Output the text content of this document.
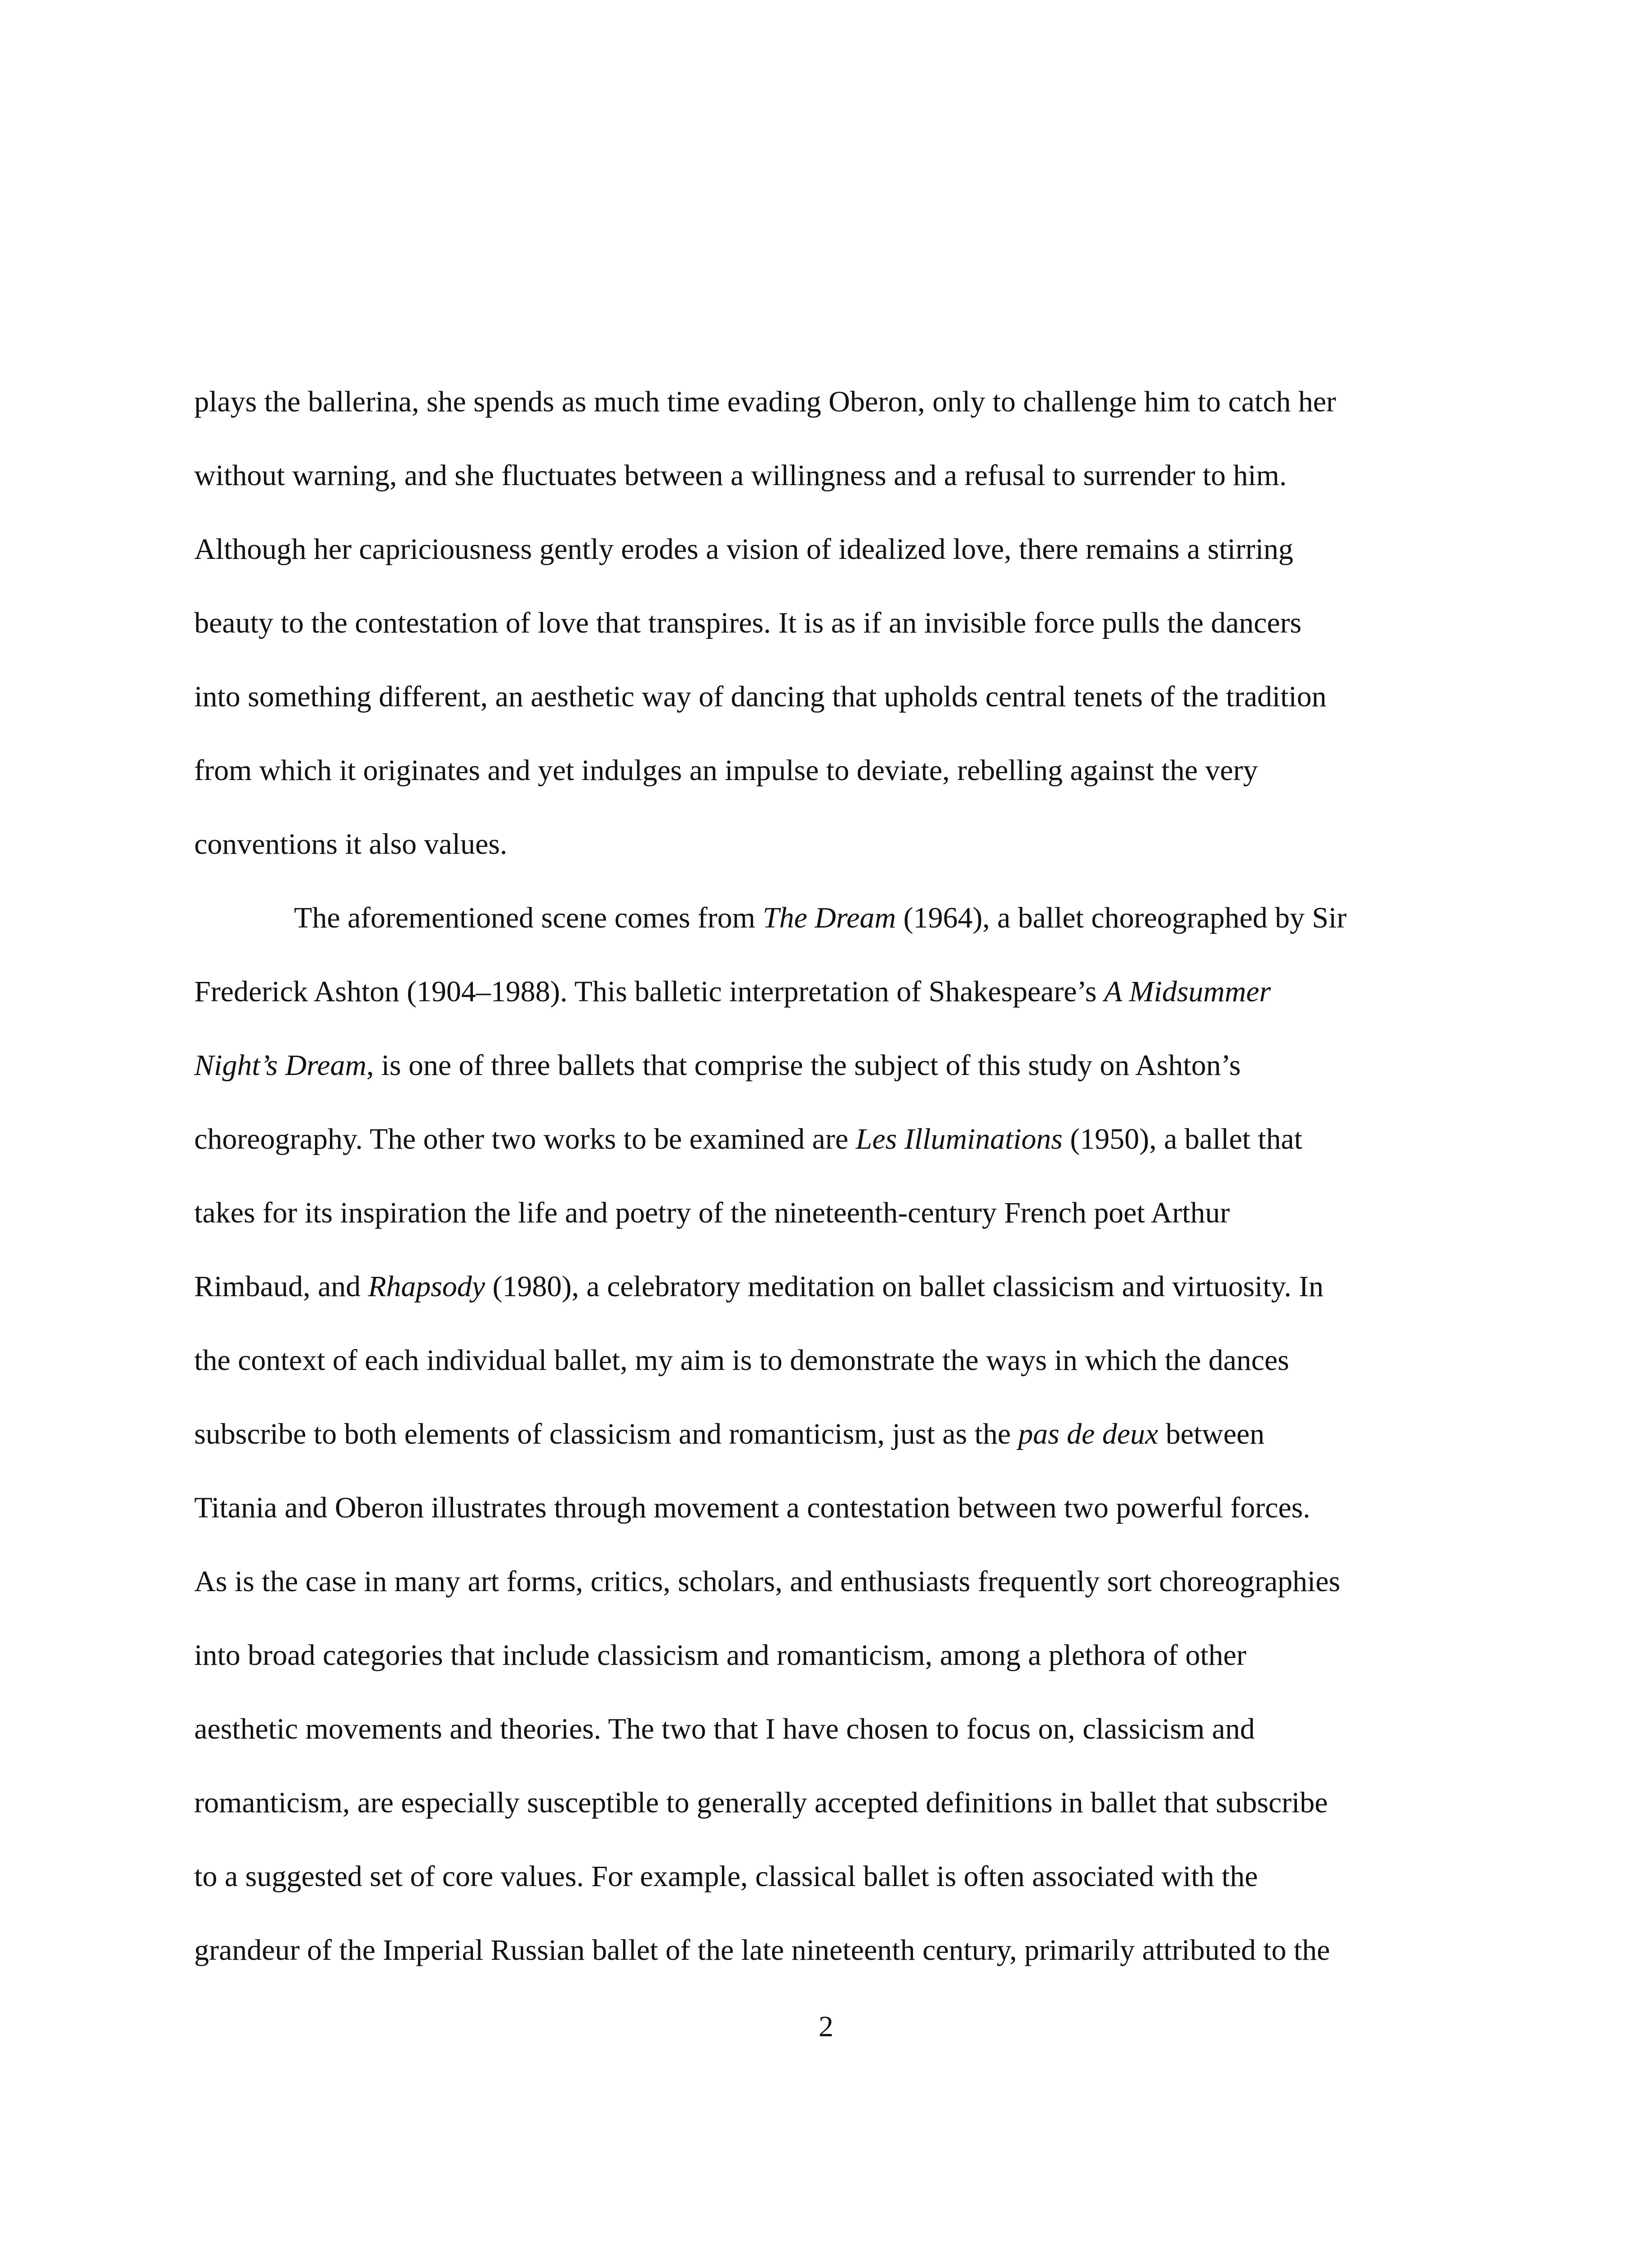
plays the ballerina, she spends as much time evading Oberon, only to challenge him to catch her
without warning, and she fluctuates between a willingness and a refusal to surrender to him.
Although her capriciousness gently erodes a vision of idealized love, there remains a stirring
beauty to the contestation of love that transpires. It is as if an invisible force pulls the dancers
into something different, an aesthetic way of dancing that upholds central tenets of the tradition
from which it originates and yet indulges an impulse to deviate, rebelling against the very
conventions it also values.
The aforementioned scene comes from The Dream (1964), a ballet choreographed by Sir
Frederick Ashton (1904–1988). This balletic interpretation of Shakespeare’s A Midsummer
Night’s Dream, is one of three ballets that comprise the subject of this study on Ashton’s
choreography. The other two works to be examined are Les Illuminations (1950), a ballet that
takes for its inspiration the life and poetry of the nineteenth-century French poet Arthur
Rimbaud, and Rhapsody (1980), a celebratory meditation on ballet classicism and virtuosity. In
the context of each individual ballet, my aim is to demonstrate the ways in which the dances
subscribe to both elements of classicism and romanticism, just as the pas de deux between
Titania and Oberon illustrates through movement a contestation between two powerful forces.
As is the case in many art forms, critics, scholars, and enthusiasts frequently sort choreographies
into broad categories that include classicism and romanticism, among a plethora of other
aesthetic movements and theories. The two that I have chosen to focus on, classicism and
romanticism, are especially susceptible to generally accepted definitions in ballet that subscribe
to a suggested set of core values. For example, classical ballet is often associated with the
grandeur of the Imperial Russian ballet of the late nineteenth century, primarily attributed to the
2
